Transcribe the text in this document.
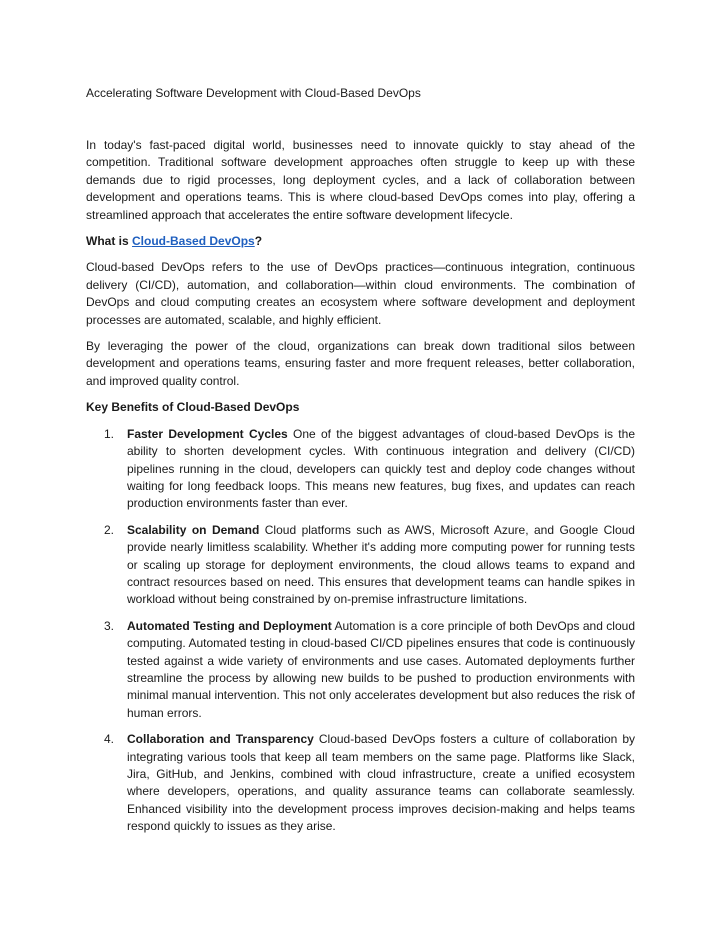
Accelerating Software Development with Cloud-Based DevOps

In today's fast-paced digital world, businesses need to innovate quickly to stay ahead of the competition. Traditional software development approaches often struggle to keep up with these demands due to rigid processes, long deployment cycles, and a lack of collaboration between development and operations teams. This is where cloud-based DevOps comes into play, offering a streamlined approach that accelerates the entire software development lifecycle.

What is Cloud-Based DevOps?

Cloud-based DevOps refers to the use of DevOps practices—continuous integration, continuous delivery (CI/CD), automation, and collaboration—within cloud environments. The combination of DevOps and cloud computing creates an ecosystem where software development and deployment processes are automated, scalable, and highly efficient.

By leveraging the power of the cloud, organizations can break down traditional silos between development and operations teams, ensuring faster and more frequent releases, better collaboration, and improved quality control.

Key Benefits of Cloud-Based DevOps
1. Faster Development Cycles One of the biggest advantages of cloud-based DevOps is the ability to shorten development cycles. With continuous integration and delivery (CI/CD) pipelines running in the cloud, developers can quickly test and deploy code changes without waiting for long feedback loops. This means new features, bug fixes, and updates can reach production environments faster than ever.
2. Scalability on Demand Cloud platforms such as AWS, Microsoft Azure, and Google Cloud provide nearly limitless scalability. Whether it's adding more computing power for running tests or scaling up storage for deployment environments, the cloud allows teams to expand and contract resources based on need. This ensures that development teams can handle spikes in workload without being constrained by on-premise infrastructure limitations.
3. Automated Testing and Deployment Automation is a core principle of both DevOps and cloud computing. Automated testing in cloud-based CI/CD pipelines ensures that code is continuously tested against a wide variety of environments and use cases. Automated deployments further streamline the process by allowing new builds to be pushed to production environments with minimal manual intervention. This not only accelerates development but also reduces the risk of human errors.
4. Collaboration and Transparency Cloud-based DevOps fosters a culture of collaboration by integrating various tools that keep all team members on the same page. Platforms like Slack, Jira, GitHub, and Jenkins, combined with cloud infrastructure, create a unified ecosystem where developers, operations, and quality assurance teams can collaborate seamlessly. Enhanced visibility into the development process improves decision-making and helps teams respond quickly to issues as they arise.
